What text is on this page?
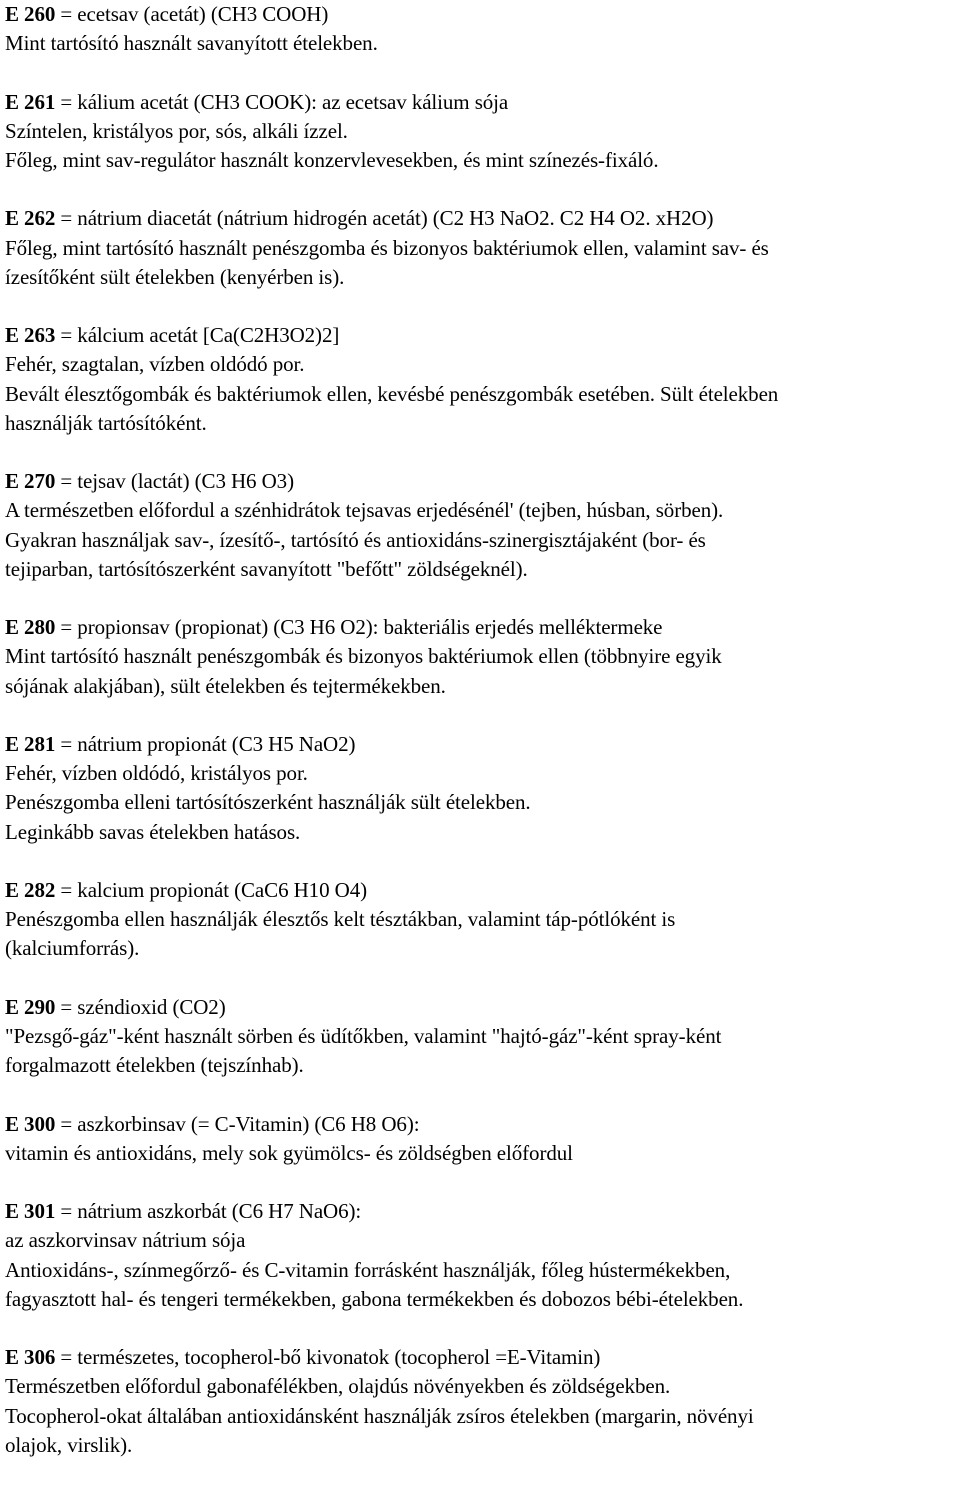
E 260 = ecetsav (acetát) (CH3 COOH)
Mint tartósító használt savanyított ételekben.
E 261 = kálium acetát (CH3 COOK): az ecetsav kálium sója
Színtelen, kristályos por, sós, alkáli ízzel.
Főleg, mint sav-regulátor használt konzervlevesekben, és mint színezés-fixáló.
E 262 = nátrium diacetát (nátrium hidrogén acetát) (C2 H3 NaO2. C2 H4 O2. xH2O)
Főleg, mint tartósító használt penészgomba és bizonyos baktériumok ellen, valamint sav- és
ízesítőként sült ételekben (kenyérben is).
E 263 = kálcium acetát [Ca(C2H3O2)2]
Fehér, szagtalan, vízben oldódó por.
Bevált élesztőgombák és baktériumok ellen, kevésbé penészgombák esetében. Sült ételekben
használják tartósítóként.
E 270 = tejsav (lactát) (C3 H6 O3)
A természetben előfordul a szénhidrátok tejsavas erjedésénél' (tejben, húsban, sörben).
Gyakran használjak sav-, ízesítő-, tartósító és antioxidáns-szinergisztájaként (bor- és
tejiparban, tartósítószerként savanyított "befőtt" zöldségeknél).
E 280 = propionsav (propionat) (C3 H6 O2): bakteriális erjedés melléktermeke
Mint tartósító használt penészgombák és bizonyos baktériumok ellen (többnyire egyik
sójának alakjában), sült ételekben és tejtermékekben.
E 281 = nátrium propionát (C3 H5 NaO2)
Fehér, vízben oldódó, kristályos por.
Penészgomba elleni tartósítószerként használják sült ételekben.
Leginkább savas ételekben hatásos.
E 282 = kalcium propionát (CaC6 H10 O4)
Penészgomba ellen használják élesztős kelt tésztákban, valamint táp-pótlóként is
(kalciumforrás).
E 290 = széndioxid (CO2)
"Pezsgő-gáz"-ként használt sörben és üdítőkben, valamint "hajtó-gáz"-ként spray-ként
forgalmazott ételekben (tejszínhab).
E 300 = aszkorbinsav (= C-Vitamin) (C6 H8 O6):
vitamin és antioxidáns, mely sok gyümölcs- és zöldségben előfordul
E 301 = nátrium aszkorbát (C6 H7 NaO6):
az aszkorvinsav nátrium sója
Antioxidáns-, színmegőrző- és C-vitamin forrásként használják, főleg hústermékekben,
fagyasztott hal- és tengeri termékekben, gabona termékekben és dobozos bébi-ételekben.
E 306 = természetes, tocopherol-bő kivonatok (tocopherol =E-Vitamin)
Természetben előfordul gabonafélékben, olajdús növényekben és zöldségekben.
Tocopherol-okat általában antioxidánsként használják zsíros ételekben (margarin, növényi
olajok, virslik).
